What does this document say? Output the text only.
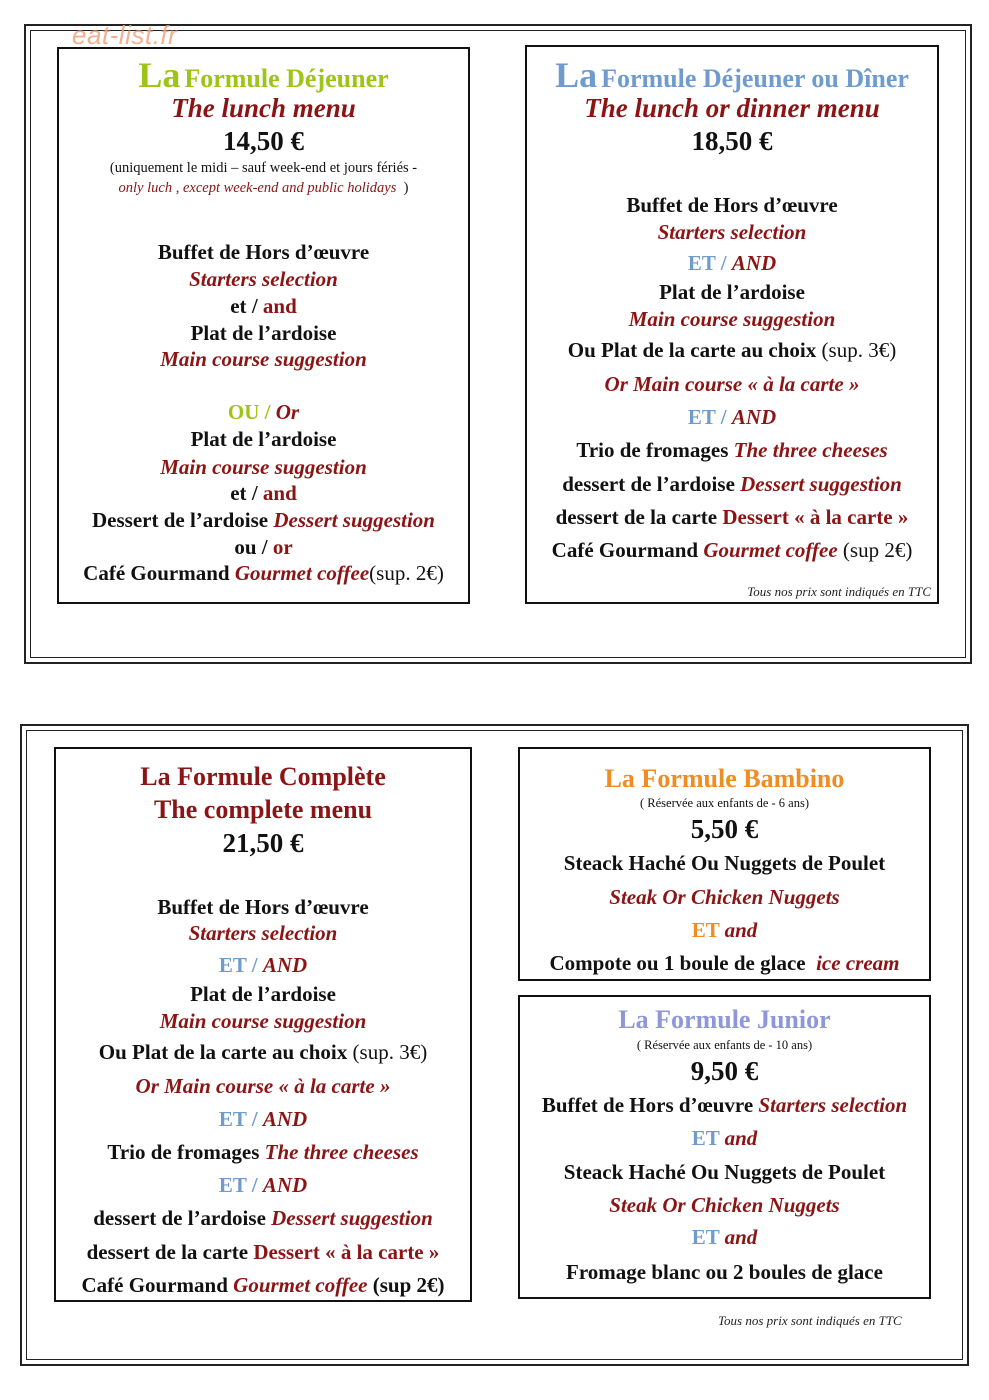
eat-list.fr
La Formule Déjeuner
The lunch menu
14,50 €
(uniquement le midi – sauf week-end et jours fériés -
only luch , except week-end and public holidays )
Buffet de Hors d’œuvre
Starters selection
et / and
Plat de l’ardoise
Main course suggestion
OU / Or
Plat de l’ardoise
Main course suggestion
et / and
Dessert de l’ardoise Dessert suggestion
ou / or
Café Gourmand Gourmet coffee(sup. 2€)
La Formule Déjeuner ou Dîner
The lunch or dinner menu
18,50 €
Buffet de Hors d’œuvre
Starters selection
ET / AND
Plat de l’ardoise
Main course suggestion
Ou Plat de la carte au choix (sup. 3€)
Or Main course « à la carte »
ET / AND
Trio de fromages The three cheeses
dessert de l’ardoise Dessert suggestion
dessert de la carte Dessert « à la carte »
Café Gourmand Gourmet coffee (sup 2€)
Tous nos prix sont indiqués en TTC
La Formule Complète
The complete menu
21,50 €
Buffet de Hors d’œuvre
Starters selection
ET / AND
Plat de l’ardoise
Main course suggestion
Ou Plat de la carte au choix (sup. 3€)
Or Main course « à la carte »
ET / AND
Trio de fromages The three cheeses
ET / AND
dessert de l’ardoise Dessert suggestion
dessert de la carte Dessert « à la carte »
Café Gourmand Gourmet coffee (sup 2€)
La Formule Bambino
( Réservée aux enfants de - 6 ans)
5,50 €
Steack Haché Ou Nuggets de Poulet
Steak Or Chicken Nuggets
ET and
Compote ou 1 boule de glace ice cream
La Formule Junior
( Réservée aux enfants de - 10 ans)
9,50 €
Buffet de Hors d’œuvre Starters selection
ET and
Steack Haché Ou Nuggets de Poulet
Steak Or Chicken Nuggets
ET and
Fromage blanc ou 2 boules de glace
Tous nos prix sont indiqués en TTC
